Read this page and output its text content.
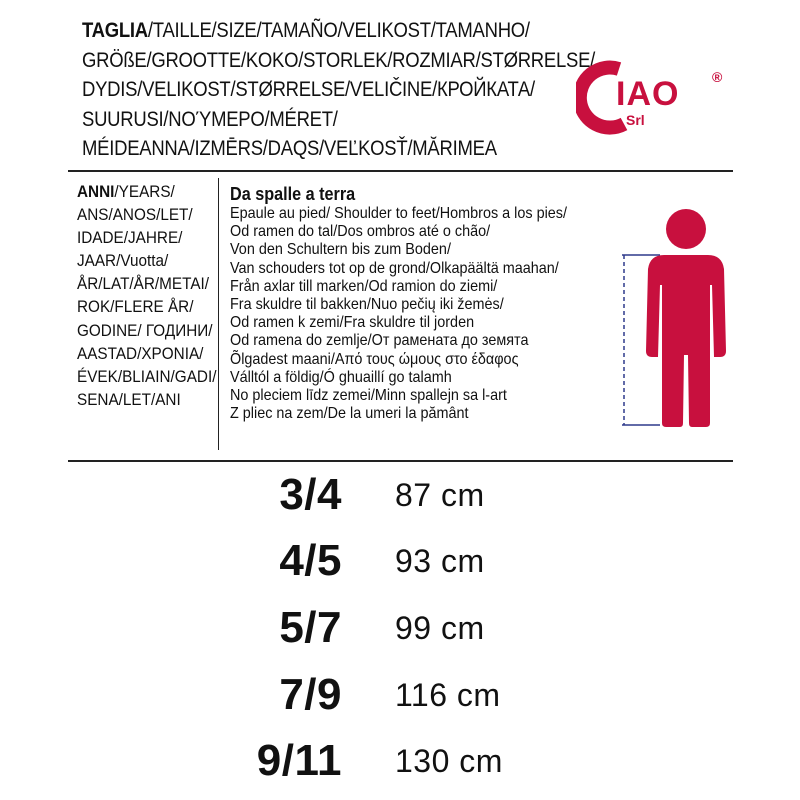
TAGLIA/TAILLE/SIZE/TAMAÑO/VELIKOST/TAMANHO/
GRÖßE/GROOTTE/KOKO/STORLEK/ROZMIAR/STØRRELSE/
DYDIS/VELIKOST/STØRRELSE/VELIČINE/КРОЙКАТА/
SUURUSI/ΝΟΎΜΕΡΟ/MÉRET/
MÉIDEANNA/IZMĒRS/DAQS/VEĽKOSŤ/MĂRIMEA
IAO ®
Srl
ANNI/YEARS/
ANS/ANOS/LET/
IDADE/JAHRE/
JAAR/Vuotta/
ÅR/LAT/ÅR/METAI/
ROK/FLERE ÅR/
GODINE/ ГОДИНИ/
AASTAD/ΧΡΟΝΙΑ/
ÉVEK/BLIAIN/GADI/
SENA/LET/ANI
Da spalle a terra
Epaule au pied/ Shoulder to feet/Hombros a los pies/
Od ramen do tal/Dos ombros até o chão/
Von den Schultern bis zum Boden/
Van schouders tot op de grond/Olkapäältä maahan/
Från axlar till marken/Od ramion do ziemi/
Fra skuldre til bakken/Nuo pečių iki žemės/
Od ramen k zemi/Fra skuldre til jorden
Od ramena do zemlje/От рамената до земята
Õlgadest maani/Από τους ώμους στο έδαφος
Válltól a földig/Ó ghuaillí go talamh
No pleciem līdz zemei/Minn spallejn sa l-art
Z pliec na zem/De la umeri la pământ
3/4 87 cm
4/5 93 cm
5/7 99 cm
7/9 116 cm
9/11 130 cm
